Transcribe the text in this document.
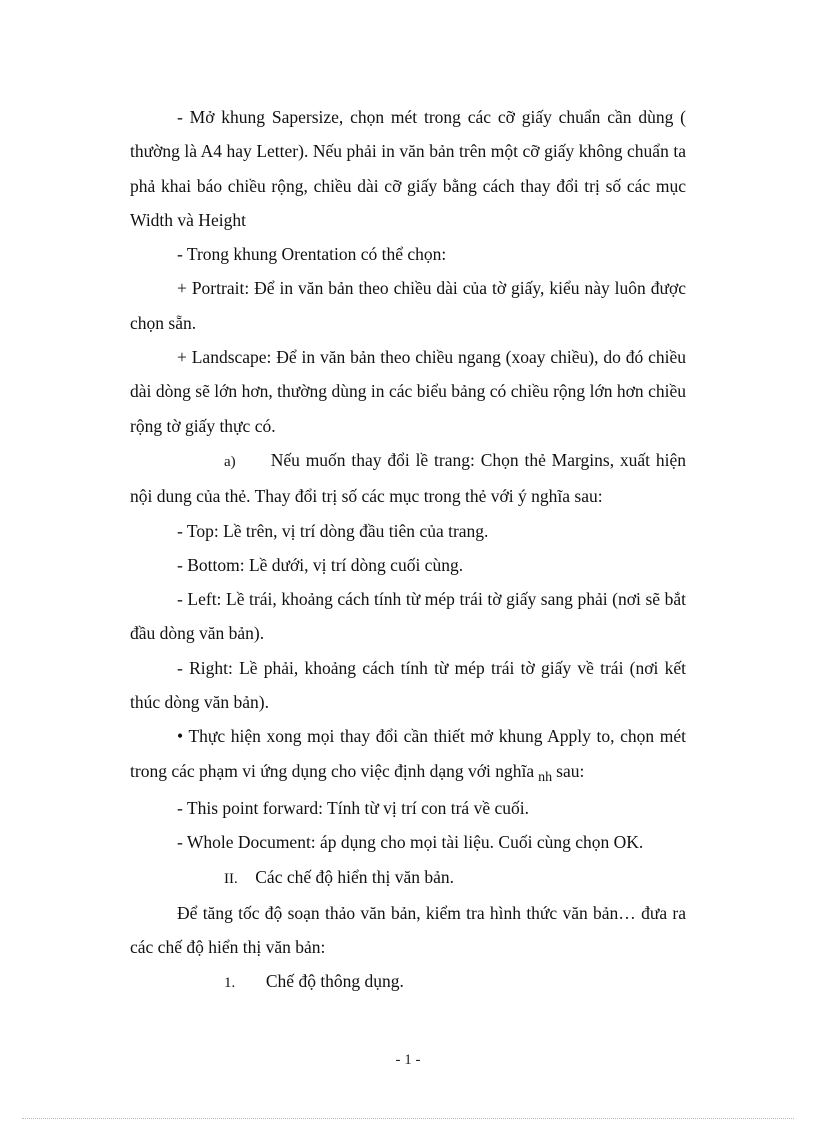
- Mở khung Sapersize, chọn mét trong các cỡ giấy chuẩn cần dùng ( thường là A4 hay Letter). Nếu phải in văn bản trên một cỡ giấy không chuẩn ta phả khai báo chiều rộng, chiều dài cỡ giấy bằng cách thay đổi trị số các mục Width và Height

- Trong khung Orentation có thể chọn:

+ Portrait: Để in văn bản theo chiều dài của tờ giấy, kiểu này luôn được chọn sẵn.

+ Landscape: Để in văn bản theo chiều ngang (xoay chiều), do đó chiều dài dòng sẽ lớn hơn, thường dùng in các biểu bảng có chiều rộng lớn hơn chiều rộng tờ giấy thực có.

a) Nếu muốn thay đổi lề trang: Chọn thẻ Margins, xuất hiện nội dung của thẻ. Thay đổi trị số các mục trong thẻ với ý nghĩa sau:

- Top: Lề trên, vị trí dòng đầu tiên của trang.

- Bottom: Lề dưới, vị trí dòng cuối cùng.

- Left: Lề trái, khoảng cách tính từ mép trái tờ giấy sang phải (nơi sẽ bắt đầu dòng văn bản).

- Right: Lề phải, khoảng cách tính từ mép trái tờ giấy về trái (nơi kết thúc dòng văn bản).

• Thực hiện xong mọi thay đổi cần thiết mở khung Apply to, chọn mét trong các phạm vi ứng dụng cho việc định dạng với nghĩa $_{nh}$ sau:

- This point forward: Tính từ vị trí con trá về cuối.

- Whole Document: áp dụng cho mọi tài liệu. Cuối cùng chọn OK.

II. Các chế độ hiển thị văn bản.

Để tăng tốc độ soạn thảo văn bản, kiểm tra hình thức văn bản… đưa ra các chế độ hiển thị văn bản:

1. Chế độ thông dụng.

- 1 -
